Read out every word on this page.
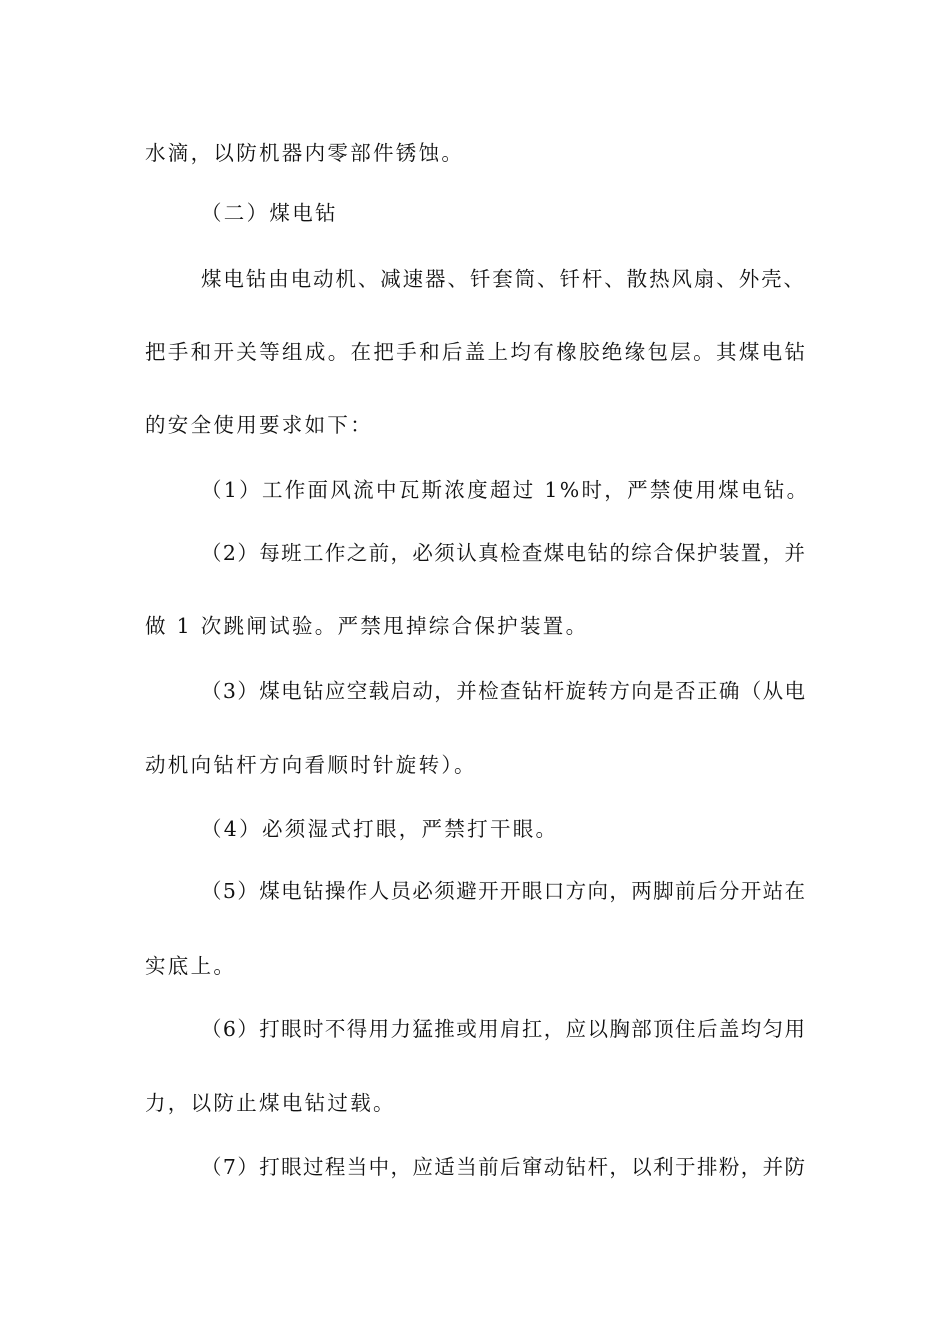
水滴，以防机器内零部件锈蚀。
（二）煤电钻
煤电钻由电动机、减速器、钎套筒、钎杆、散热风扇、外壳、
把手和开关等组成。在把手和后盖上均有橡胶绝缘包层。其煤电钻
的安全使用要求如下：
（1）工作面风流中瓦斯浓度超过 1%时，严禁使用煤电钻。
（2）每班工作之前，必须认真检查煤电钻的综合保护装置，并
做 1 次跳闸试验。严禁甩掉综合保护装置。
（3）煤电钻应空载启动，并检查钻杆旋转方向是否正确（从电
动机向钻杆方向看顺时针旋转）。
（4）必须湿式打眼，严禁打干眼。
（5）煤电钻操作人员必须避开开眼口方向，两脚前后分开站在
实底上。
（6）打眼时不得用力猛推或用肩扛，应以胸部顶住后盖均匀用
力，以防止煤电钻过载。
（7）打眼过程当中，应适当前后窜动钻杆，以利于排粉，并防
